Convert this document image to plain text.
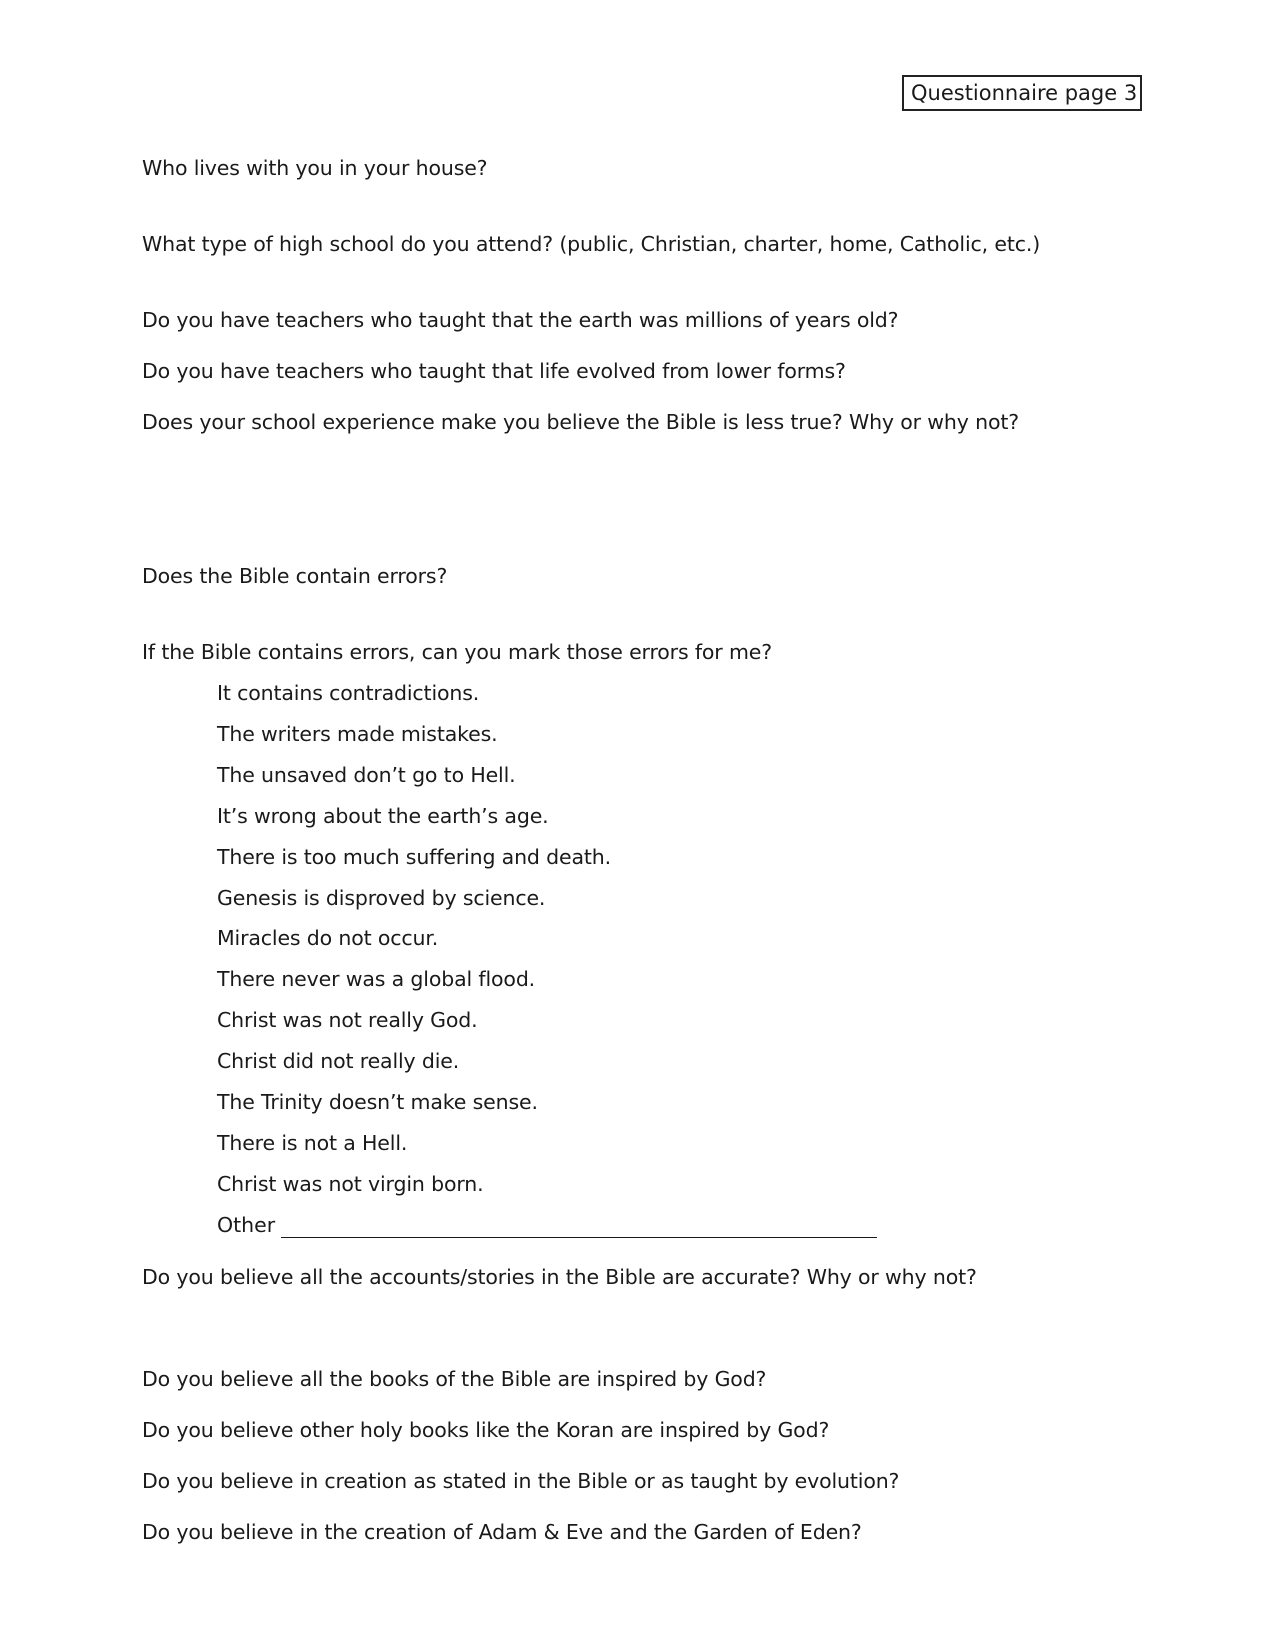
Questionnaire page 3
Who lives with you in your house?
What type of high school do you attend? (public, Christian, charter, home, Catholic, etc.)
Do you have teachers who taught that the earth was millions of years old?
Do you have teachers who taught that life evolved from lower forms?
Does your school experience make you believe the Bible is less true? Why or why not?
Does the Bible contain errors?
If the Bible contains errors, can you mark those errors for me?
It contains contradictions.
The writers made mistakes.
The unsaved don’t go to Hell.
It’s wrong about the earth’s age.
There is too much suffering and death.
Genesis is disproved by science.
Miracles do not occur.
There never was a global flood.
Christ was not really God.
Christ did not really die.
The Trinity doesn’t make sense.
There is not a Hell.
Christ was not virgin born.
Other
Do you believe all the accounts/stories in the Bible are accurate? Why or why not?
Do you believe all the books of the Bible are inspired by God?
Do you believe other holy books like the Koran are inspired by God?
Do you believe in creation as stated in the Bible or as taught by evolution?
Do you believe in the creation of Adam & Eve and the Garden of Eden?
